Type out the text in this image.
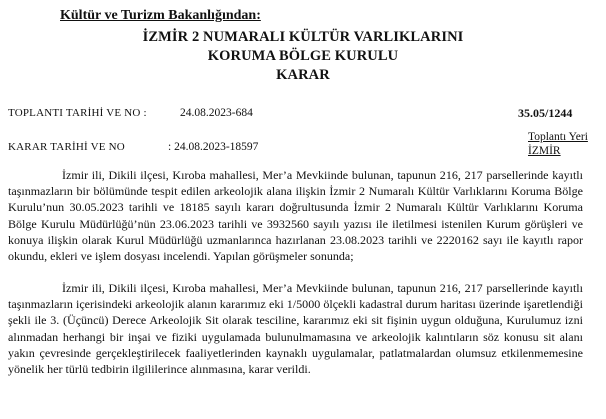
Kültür ve Turizm Bakanlığından:
İZMİR 2 NUMARALI KÜLTÜR VARLIKLARINI
KORUMA BÖLGE KURULU
KARAR
TOPLANTI TARİHİ VE NO :	24.08.2023-684	35.05/1244
KARAR TARİHİ VE NO	: 24.08.2023-18597
Toplantı Yeri
İZMİR

İzmir ili, Dikili ilçesi, Kıroba mahallesi, Mer’a Mevkiinde bulunan, tapunun 216, 217 parsellerinde kayıtlı taşınmazların bir bölümünde tespit edilen arkeolojik alana ilişkin İzmir 2 Numaralı Kültür Varlıklarını Koruma Bölge Kurulu’nun 30.05.2023 tarihli ve 18185 sayılı kararı doğrultusunda İzmir 2 Numaralı Kültür Varlıklarını Koruma Bölge Kurulu Müdürlüğü’nün 23.06.2023 tarihli ve 3932560 sayılı yazısı ile iletilmesi istenilen Kurum görüşleri ve konuya ilişkin olarak Kurul Müdürlüğü uzmanlarınca hazırlanan 23.08.2023 tarihli ve 2220162 sayı ile kayıtlı rapor okundu, ekleri ve işlem dosyası incelendi. Yapılan görüşmeler sonunda;

İzmir ili, Dikili ilçesi, Kıroba mahallesi, Mer’a Mevkiinde bulunan, tapunun 216, 217 parsellerinde kayıtlı taşınmazların içerisindeki arkeolojik alanın kararımız eki 1/5000 ölçekli kadastral durum haritası üzerinde işaretlendiği şekli ile 3. (Üçüncü) Derece Arkeolojik Sit olarak tesciline, kararımız eki sit fişinin uygun olduğuna, Kurulumuz izni alınmadan herhangi bir inşai ve fiziki uygulamada bulunulmamasına ve arkeolojik kalıntıların söz konusu sit alanı yakın çevresinde gerçekleştirilecek faaliyetlerinden kaynaklı uygulamalar, patlatmalardan olumsuz etkilenmemesine yönelik her türlü tedbirin ilgililerince alınmasına, karar verildi.
